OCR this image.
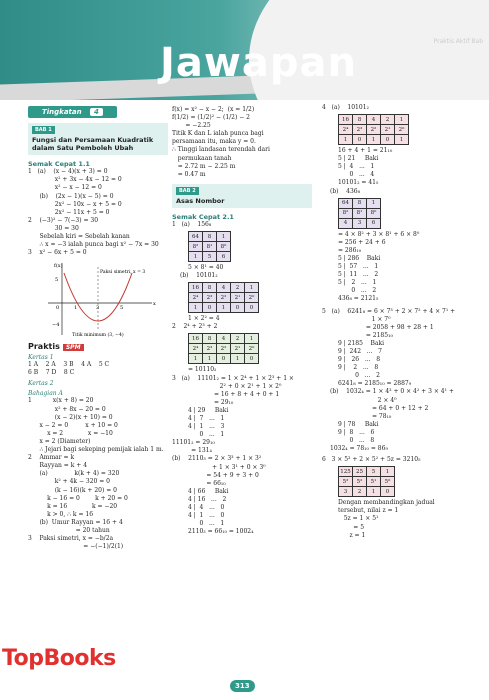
Praktis Aktif Bab
Jawapan
Tingkatan 4
BAB 1
Fungsi dan Persamaan Kuadratik dalam Satu Pemboleh Ubah
Semak Cepat 1.1
1   (a)    (x − 4)(x + 3) = 0
x² + 3x − 4x − 12 = 0
x² − x − 12 = 0
(b)    (2x − 1)(x − 5) = 0
2x² − 10x − x + 5 = 0
2x² − 11x + 5 = 0
2    (−3)² − 7(−3) = 30
30 = 30
Sebelah kiri = Sebelah kanan
∴ x = −3 ialah punca bagi x² − 7x = 30
3    x² − 6x + 5 = 0
f(x)
x
Paksi simetri, x = 3
0	1	3	5
5
−4
Titik minimum (3, −4)
Praktis SPM
Kertas 1
1 A    2 A    3 B    4 A    5 C
6 B    7 D    8 C
Kertas 2
Bahagian A
1           x(x + 8) = 20
x² + 8x − 20 = 0
(x − 2)(x + 10) = 0
x − 2 = 0         x + 10 = 0
x = 2             x = −10
x = 2 (Diameter)
∴ Jejari bagi sekeping pemijak ialah 1 m.
2    Ammar = k
Rayyan = k + 4
(a)              k(k + 4) = 320
k² + 4k − 320 = 0
(k − 16)(k + 20) = 0
k − 16 = 0        k + 20 = 0
k = 16             k = −20
k > 0, ∴ k = 16
(b)  Umur Rayyan = 16 + 4
= 20 tahun
3    Paksi simetri, x = −b/2a
= −(−1)/2(1)
f(x) = x² − x − 2;  (x = 1/2)
f(1/2) = (1/2)² − (1/2) − 2
= −2.25
Titik K dan L ialah punca bagi
persamaan itu, maka y = 0.
∴ Tinggi landasan terendah dari
permukaan tanah
= 2.72 m − 2.25 m
= 0.47 m
BAB 2
Asas Nombor
Semak Cepat 2.1
1   (a)    156₈
64	8	1
8²	8¹	8⁰
1	5	6
5 × 8¹ = 40
(b)    10101₂
16	8	4	2	1
2⁴	2³	2²	2¹	2⁰
1	0	1	0	0
1 × 2² = 4
2    2⁴ + 2³ + 2
16	8	4	2	1
2⁴	2³	2²	2¹	2⁰
1	1	0	1	0
= 10110₂
3   (a)    11101₂ = 1 × 2⁴ + 1 × 2³ + 1 ×
2² + 0 × 2¹ + 1 × 2⁰
= 16 + 8 + 4 + 0 + 1
= 29₁₀
4 | 29     Baki
4 |  7   ...   1
4 |  1   ...   3
0   ...   1
11101₂ = 29₁₀
= 131₄
(b)    2110₃ = 2 × 3³ + 1 × 3²
+ 1 × 3¹ + 0 × 3⁰
= 54 + 9 + 3 + 0
= 66₁₀
4 | 66     Baki
4 | 16   ...   2
4 |  4   ...   0
4 |  1   ...   0
0   ...   1
2110₃ = 66₁₀ = 1002₄
4   (a)    10101₂
16	8	4	2	1
2⁴	2³	2²	2¹	2⁰
1	0	1	0	1
16 + 4 + 1 = 21₁₀
5 | 21     Baki
5 |  4   ...   1
0   ...   4
10101₂ = 41₅
(b)    436₈
64	8	1
8²	8¹	8⁰
4	3	6
= 4 × 8² + 3 × 8¹ + 6 × 8⁰
= 256 + 24 + 6
= 286₁₀
5 | 286    Baki
5 |  57   ...   1
5 |  11   ...   2
5 |   2   ...   1
0   ...   2
436₈ = 2121₅
5   (a)    6241₈ = 6 × 7³ + 2 × 7² + 4 × 7¹ +
1 × 7⁰
= 2058 + 98 + 28 + 1
= 2185₁₀
9 | 2185    Baki
9 |  242   ...   7
9 |   26   ...   8
9 |    2   ...   8
0   ...   2
6241₈ = 2185₁₀ = 2887₉
(b)    1032₄ = 1 × 4³ + 0 × 4² + 3 × 4¹ +
2 × 4⁰
= 64 + 0 + 12 + 2
= 78₁₀
9 | 78     Baki
9 |  8   ...   6
0   ...   8
1032₄ = 78₁₀ = 86₉
6   3 × 5³ + 2 × 5² + 5z = 3210₅
125	25	5	1
5³	5²	5¹	5⁰
3	2	1	0
Dengan membandingkan jadual
tersebut, nilai z = 1
5z = 1 × 5¹
= 5
z = 1
TopBooks
313
